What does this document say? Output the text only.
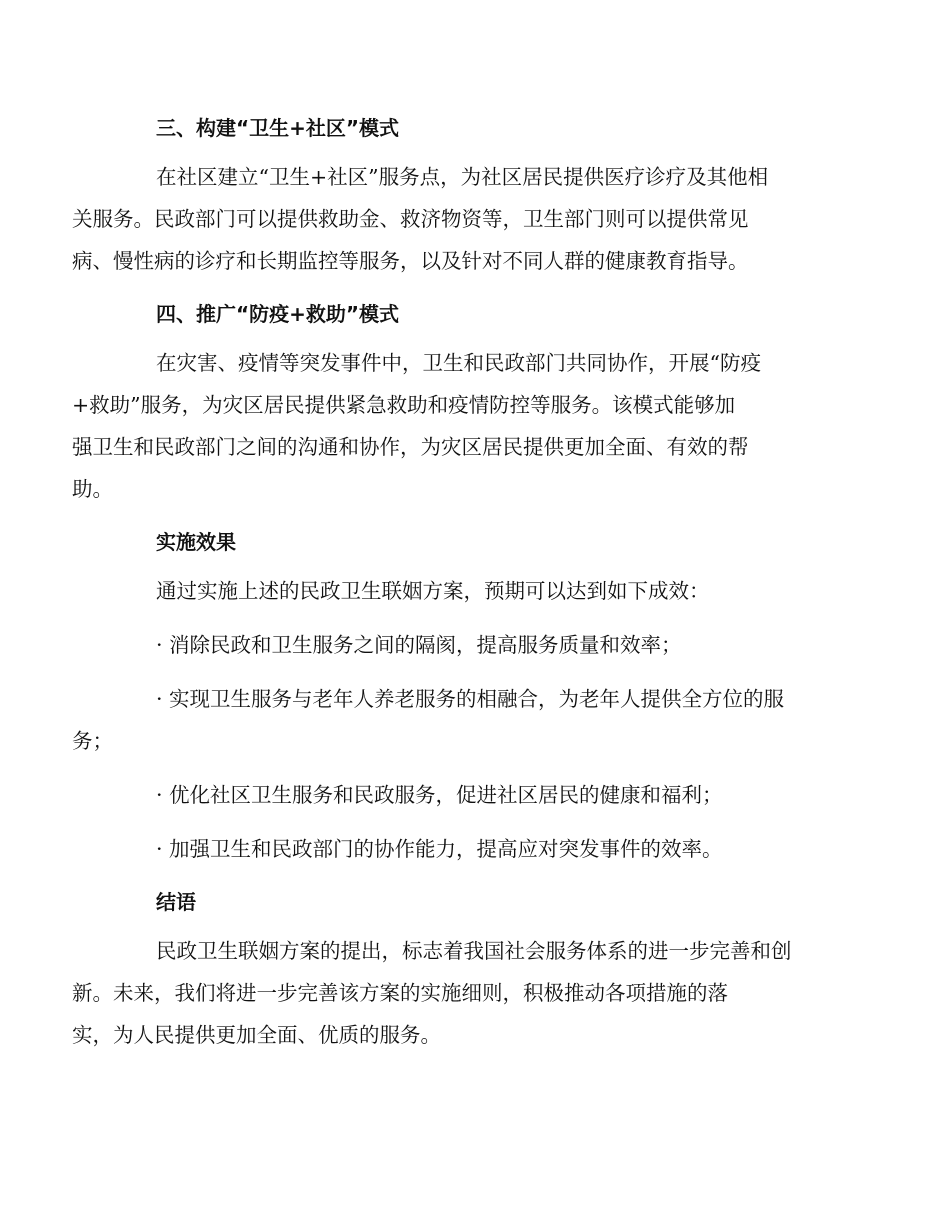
三、构建“卫生+社区”模式
在社区建立“卫生+社区”服务点，为社区居民提供医疗诊疗及其他相
关服务。民政部门可以提供救助金、救济物资等，卫生部门则可以提供常见
病、慢性病的诊疗和长期监控等服务，以及针对不同人群的健康教育指导。
四、推广“防疫+救助”模式
在灾害、疫情等突发事件中，卫生和民政部门共同协作，开展“防疫
+救助”服务，为灾区居民提供紧急救助和疫情防控等服务。该模式能够加
强卫生和民政部门之间的沟通和协作，为灾区居民提供更加全面、有效的帮
助。
实施效果
通过实施上述的民政卫生联姻方案，预期可以达到如下成效：
· 消除民政和卫生服务之间的隔阂，提高服务质量和效率；
· 实现卫生服务与老年人养老服务的相融合，为老年人提供全方位的服
务；
· 优化社区卫生服务和民政服务，促进社区居民的健康和福利；
· 加强卫生和民政部门的协作能力，提高应对突发事件的效率。
结语
民政卫生联姻方案的提出，标志着我国社会服务体系的进一步完善和创
新。未来，我们将进一步完善该方案的实施细则，积极推动各项措施的落
实，为人民提供更加全面、优质的服务。
